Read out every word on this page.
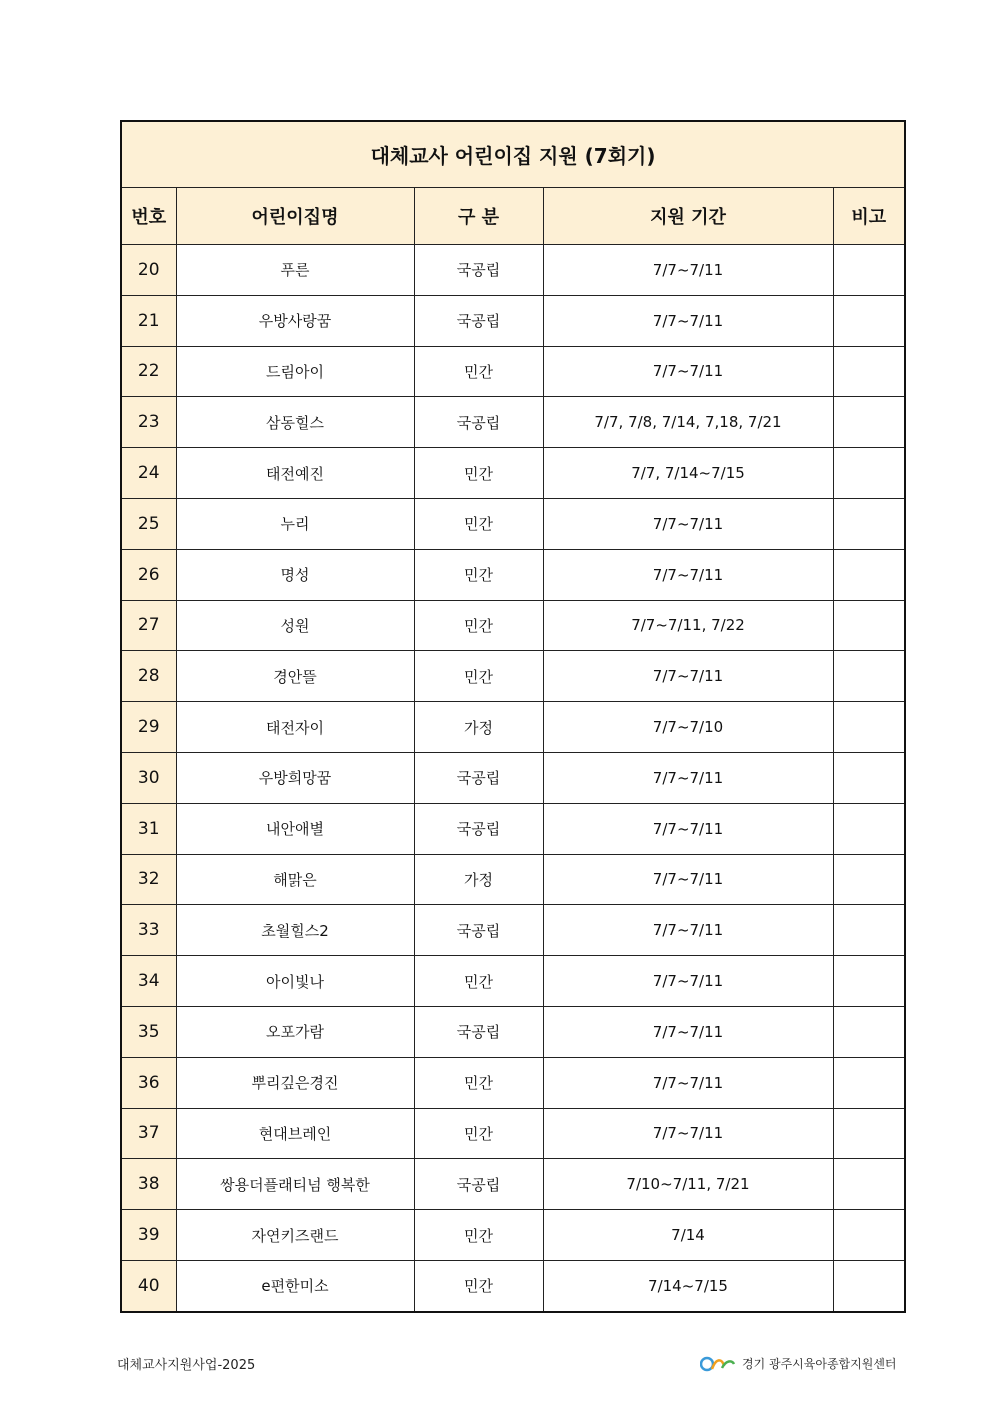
대체교사 어린이집 지원 (7회기)				
번호	어린이집명	구 분	지원 기간	비고
20	푸른	국공립	7/7~7/11	
21	우방사랑꿈	국공립	7/7~7/11	
22	드림아이	민간	7/7~7/11	
23	삼동힐스	국공립	7/7, 7/8, 7/14, 7,18, 7/21	
24	태전예진	민간	7/7, 7/14~7/15	
25	누리	민간	7/7~7/11	
26	명성	민간	7/7~7/11	
27	성원	민간	7/7~7/11, 7/22	
28	경안뜰	민간	7/7~7/11	
29	태전자이	가정	7/7~7/10	
30	우방희망꿈	국공립	7/7~7/11	
31	내안애별	국공립	7/7~7/11	
32	해맑은	가정	7/7~7/11	
33	초월힐스2	국공립	7/7~7/11	
34	아이빛나	민간	7/7~7/11	
35	오포가람	국공립	7/7~7/11	
36	뿌리깊은경진	민간	7/7~7/11	
37	현대브레인	민간	7/7~7/11	
38	쌍용더플래티넘 행복한	국공립	7/10~7/11, 7/21	
39	자연키즈랜드	민간	7/14	
40	e편한미소	민간	7/14~7/15	
대체교사지원사업-2025	경기 광주시육아종합지원센터
